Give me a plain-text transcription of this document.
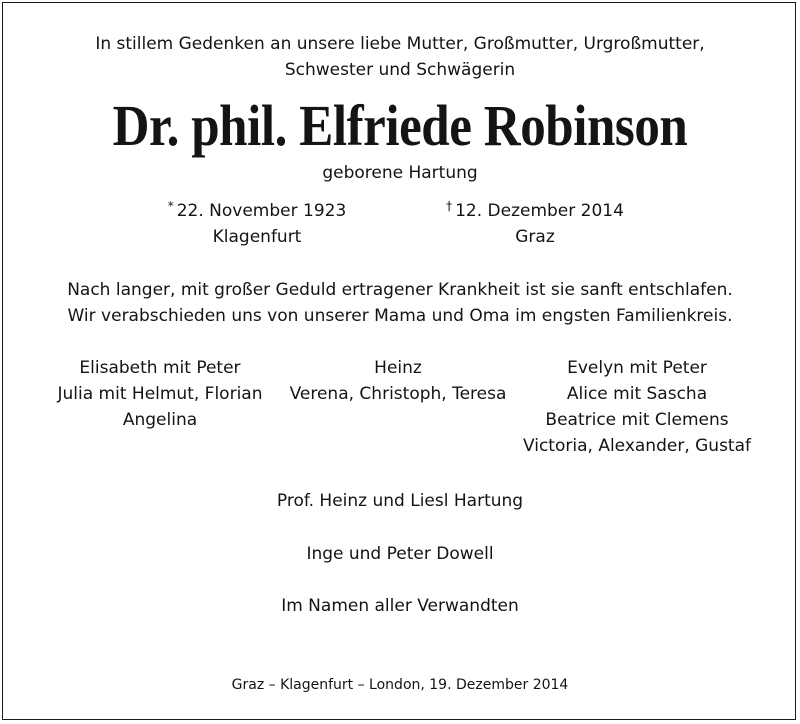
In stillem Gedenken an unsere liebe Mutter, Großmutter, Urgroßmutter,
Schwester und Schwägerin
Dr. phil. Elfriede Robinson
geborene Hartung
* 22. November 1923
Klagenfurt
† 12. Dezember 2014
Graz
Nach langer, mit großer Geduld ertragener Krankheit ist sie sanft entschlafen.
Wir verabschieden uns von unserer Mama und Oma im engsten Familienkreis.
Elisabeth mit Peter
Julia mit Helmut, Florian
Angelina
Heinz
Verena, Christoph, Teresa
Evelyn mit Peter
Alice mit Sascha
Beatrice mit Clemens
Victoria, Alexander, Gustaf
Prof. Heinz und Liesl Hartung
Inge und Peter Dowell
Im Namen aller Verwandten
Graz – Klagenfurt – London, 19. Dezember 2014
